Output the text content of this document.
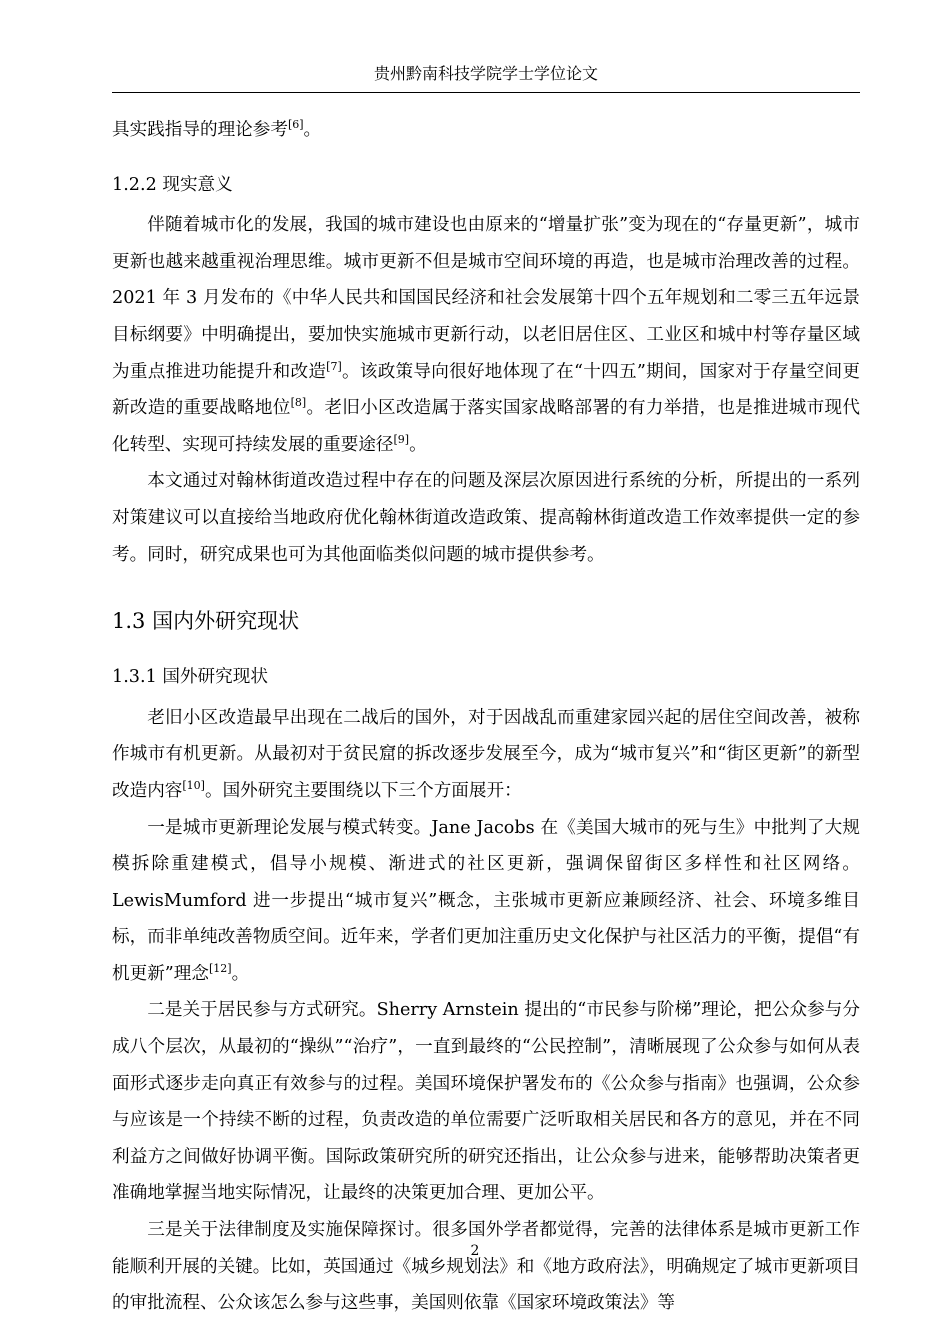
贵州黔南科技学院学士学位论文

具实践指导的理论参考[6]。

1.2.2 现实意义

伴随着城市化的发展，我国的城市建设也由原来的“增量扩张”变为现在的“存量更新”，城市更新也越来越重视治理思维。城市更新不但是城市空间环境的再造，也是城市治理改善的过程。2021 年 3 月发布的《中华人民共和国国民经济和社会发展第十四个五年规划和二零三五年远景目标纲要》中明确提出，要加快实施城市更新行动，以老旧居住区、工业区和城中村等存量区域为重点推进功能提升和改造[7]。该政策导向很好地体现了在“十四五”期间，国家对于存量空间更新改造的重要战略地位[8]。老旧小区改造属于落实国家战略部署的有力举措，也是推进城市现代化转型、实现可持续发展的重要途径[9]。

本文通过对翰林街道改造过程中存在的问题及深层次原因进行系统的分析，所提出的一系列对策建议可以直接给当地政府优化翰林街道改造政策、提高翰林街道改造工作效率提供一定的参考。同时，研究成果也可为其他面临类似问题的城市提供参考。

1.3 国内外研究现状

1.3.1 国外研究现状

老旧小区改造最早出现在二战后的国外，对于因战乱而重建家园兴起的居住空间改善，被称作城市有机更新。从最初对于贫民窟的拆改逐步发展至今，成为“城市复兴”和“街区更新”的新型改造内容[10]。国外研究主要围绕以下三个方面展开：

一是城市更新理论发展与模式转变。Jane Jacobs 在《美国大城市的死与生》中批判了大规模拆除重建模式，倡导小规模、渐进式的社区更新，强调保留街区多样性和社区网络。LewisMumford 进一步提出“城市复兴”概念，主张城市更新应兼顾经济、社会、环境多维目标，而非单纯改善物质空间。近年来，学者们更加注重历史文化保护与社区活力的平衡，提倡“有机更新”理念[12]。

二是关于居民参与方式研究。Sherry Arnstein 提出的“市民参与阶梯”理论，把公众参与分成八个层次，从最初的“操纵”“治疗”，一直到最终的“公民控制”，清晰展现了公众参与如何从表面形式逐步走向真正有效参与的过程。美国环境保护署发布的《公众参与指南》也强调，公众参与应该是一个持续不断的过程，负责改造的单位需要广泛听取相关居民和各方的意见，并在不同利益方之间做好协调平衡。国际政策研究所的研究还指出，让公众参与进来，能够帮助决策者更准确地掌握当地实际情况，让最终的决策更加合理、更加公平。

三是关于法律制度及实施保障探讨。很多国外学者都觉得，完善的法律体系是城市更新工作能顺利开展的关键。比如，英国通过《城乡规划法》和《地方政府法》，明确规定了城市更新项目的审批流程、公众该怎么参与这些事，美国则依靠《国家环境政策法》等

2
